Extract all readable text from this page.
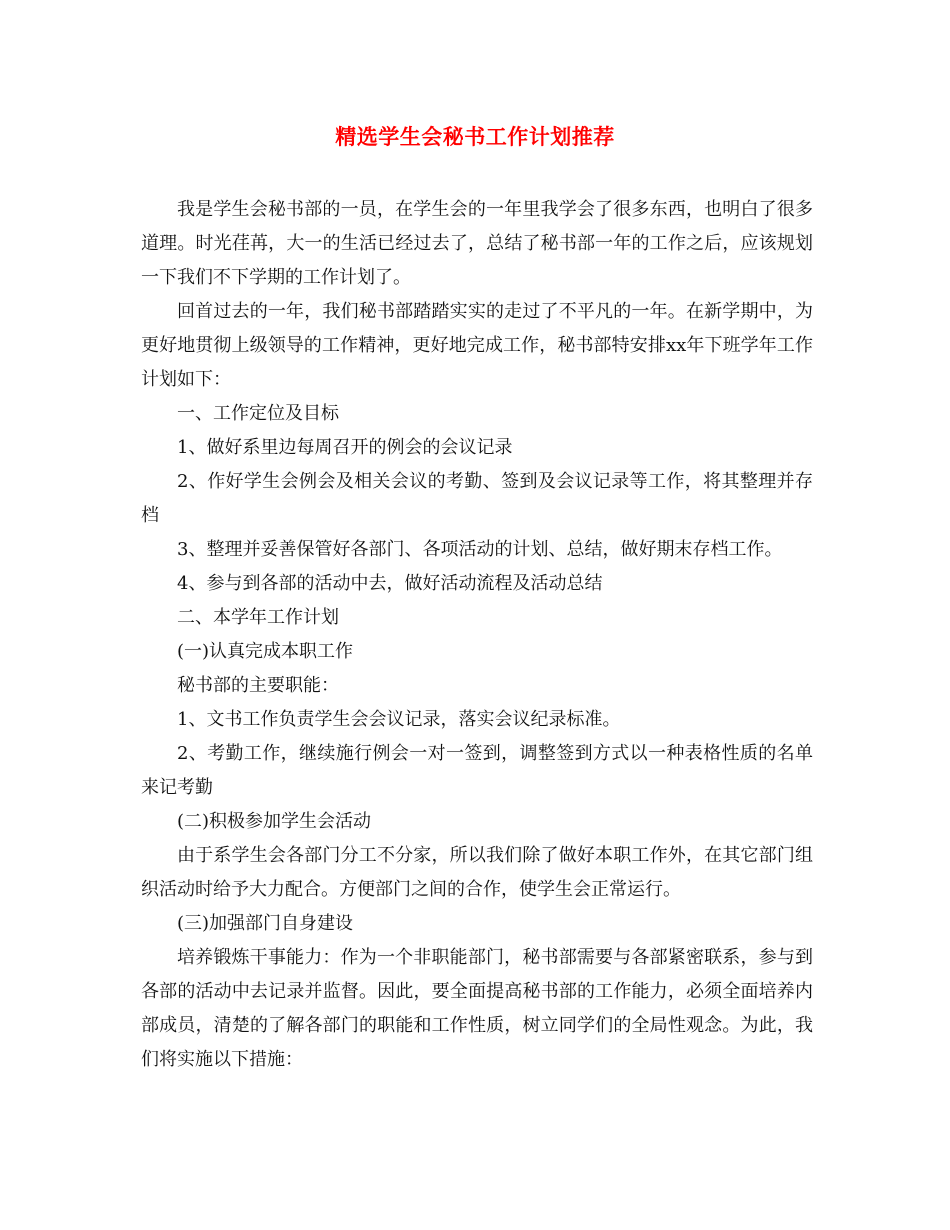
精选学生会秘书工作计划推荐

我是学生会秘书部的一员，在学生会的一年里我学会了很多东西，也明白了很多道理。时光荏苒，大一的生活已经过去了，总结了秘书部一年的工作之后，应该规划一下我们不下学期的工作计划了。

回首过去的一年，我们秘书部踏踏实实的走过了不平凡的一年。在新学期中，为更好地贯彻上级领导的工作精神，更好地完成工作，秘书部特安排xx年下班学年工作计划如下：

一、工作定位及目标

1、做好系里边每周召开的例会的会议记录

2、作好学生会例会及相关会议的考勤、签到及会议记录等工作，将其整理并存档

3、整理并妥善保管好各部门、各项活动的计划、总结，做好期末存档工作。

4、参与到各部的活动中去，做好活动流程及活动总结

二、本学年工作计划

(一)认真完成本职工作

秘书部的主要职能：

1、文书工作负责学生会会议记录，落实会议纪录标准。

2、考勤工作，继续施行例会一对一签到，调整签到方式以一种表格性质的名单来记考勤

(二)积极参加学生会活动

由于系学生会各部门分工不分家，所以我们除了做好本职工作外，在其它部门组织活动时给予大力配合。方便部门之间的合作，使学生会正常运行。

(三)加强部门自身建设

培养锻炼干事能力：作为一个非职能部门，秘书部需要与各部紧密联系，参与到各部的活动中去记录并监督。因此，要全面提高秘书部的工作能力，必须全面培养内部成员，清楚的了解各部门的职能和工作性质，树立同学们的全局性观念。为此，我们将实施以下措施：
